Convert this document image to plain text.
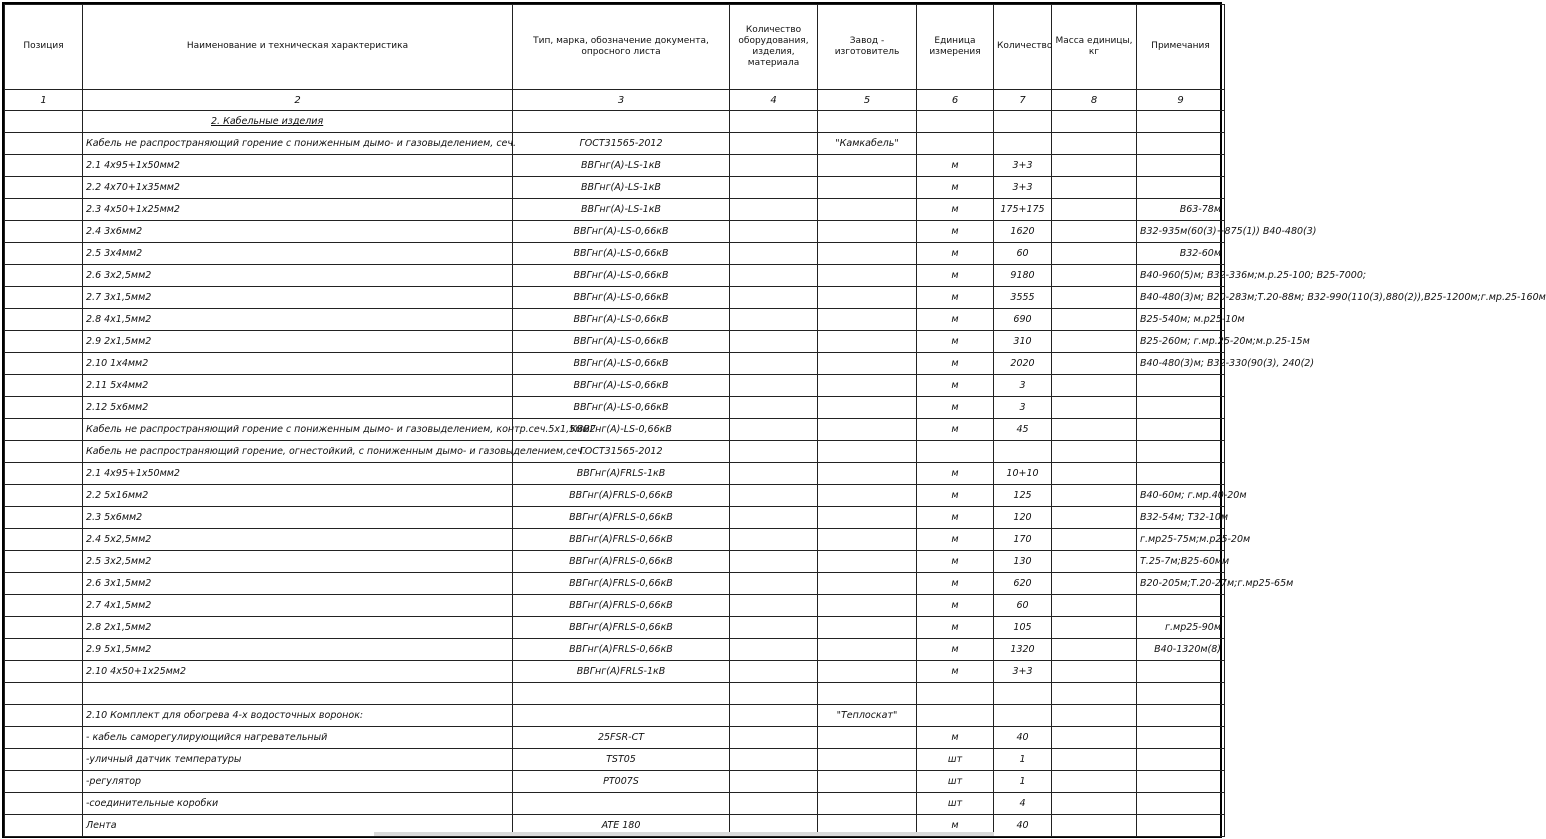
Позиция	Наименование и техническая характеристика	Тип, марка, обозначение документа, опросного листа	Количество оборудования, изделия, материала	Завод - изготовитель	Единица измерения	Количество	Масса единицы, кг	Примечания
1	2	3	4	5	6	7	8	9
	2. Кабельные изделия							
	Кабель не распространяющий горение с пониженным дымо- и газовыделением, сеч.	ГОСТ31565-2012		"Камкабель"				
	2.1 4х95+1х50мм2	ВВГнг(А)-LS-1кВ			м	3+3		
	2.2 4х70+1х35мм2	ВВГнг(А)-LS-1кВ			м	3+3		
	2.3 4х50+1х25мм2	ВВГнг(А)-LS-1кВ			м	175+175		В63-78м
	2.4 3х6мм2	ВВГнг(А)-LS-0,66кВ			м	1620		В32-935м(60(3)+875(1)) В40-480(3)
	2.5 3х4мм2	ВВГнг(А)-LS-0,66кВ			м	60		В32-60м
	2.6 3х2,5мм2	ВВГнг(А)-LS-0,66кВ			м	9180		В40-960(5)м; В32-336м;м.р.25-100; В25-7000;
	2.7 3х1,5мм2	ВВГнг(А)-LS-0,66кВ			м	3555		В40-480(3)м; В20-283м;Т.20-88м; В32-990(110(3),880(2)),В25-1200м;г.мр.25-160м
	2.8 4х1,5мм2	ВВГнг(А)-LS-0,66кВ			м	690		В25-540м; м.р25-10м
	2.9 2х1,5мм2	ВВГнг(А)-LS-0,66кВ			м	310		В25-260м; г.мр.25-20м;м.р.25-15м
	2.10 1х4мм2	ВВГнг(А)-LS-0,66кВ			м	2020		В40-480(3)м; В32-330(90(3), 240(2)
	2.11 5х4мм2	ВВГнг(А)-LS-0,66кВ			м	3		
	2.12 5х6мм2	ВВГнг(А)-LS-0,66кВ			м	3		
	Кабель не распространяющий горение с пониженным дымо- и газовыделением, контр.сеч.5х1,5мм2	КВВГнг(А)-LS-0,66кВ			м	45		
	Кабель не распространяющий горение, огнестойкий, с пониженным дымо- и газовыделением,сеч.	ГОСТ31565-2012						
	2.1 4х95+1х50мм2	ВВГнг(А)FRLS-1кВ			м	10+10		
	2.2 5х16мм2	ВВГнг(А)FRLS-0,66кВ			м	125		В40-60м; г.мр.40-20м
	2.3 5х6мм2	ВВГнг(А)FRLS-0,66кВ			м	120		В32-54м; Т32-10м
	2.4 5х2,5мм2	ВВГнг(А)FRLS-0,66кВ			м	170		г.мр25-75м;м.р25-20м
	2.5 3х2,5мм2	ВВГнг(А)FRLS-0,66кВ			м	130		Т.25-7м;В25-60мм
	2.6 3х1,5мм2	ВВГнг(А)FRLS-0,66кВ			м	620		В20-205м;Т.20-27м;г.мр25-65м
	2.7 4х1,5мм2	ВВГнг(А)FRLS-0,66кВ			м	60		
	2.8 2х1,5мм2	ВВГнг(А)FRLS-0,66кВ			м	105		г.мр25-90м
	2.9 5х1,5мм2	ВВГнг(А)FRLS-0,66кВ			м	1320		В40-1320м(8)
	2.10 4х50+1х25мм2	ВВГнг(А)FRLS-1кВ			м	3+3		

	2.10 Комплект для обогрева 4-х водосточных воронок:			"Теплоскат"				
	- кабель саморегулирующийся нагревательный	25FSR-CT			м	40		
	-уличный датчик температуры	TST05			шт	1		
	-регулятор	PT007S			шт	1		
	-соединительные коробки				шт	4		
	Лента	ATE 180			м	40		
